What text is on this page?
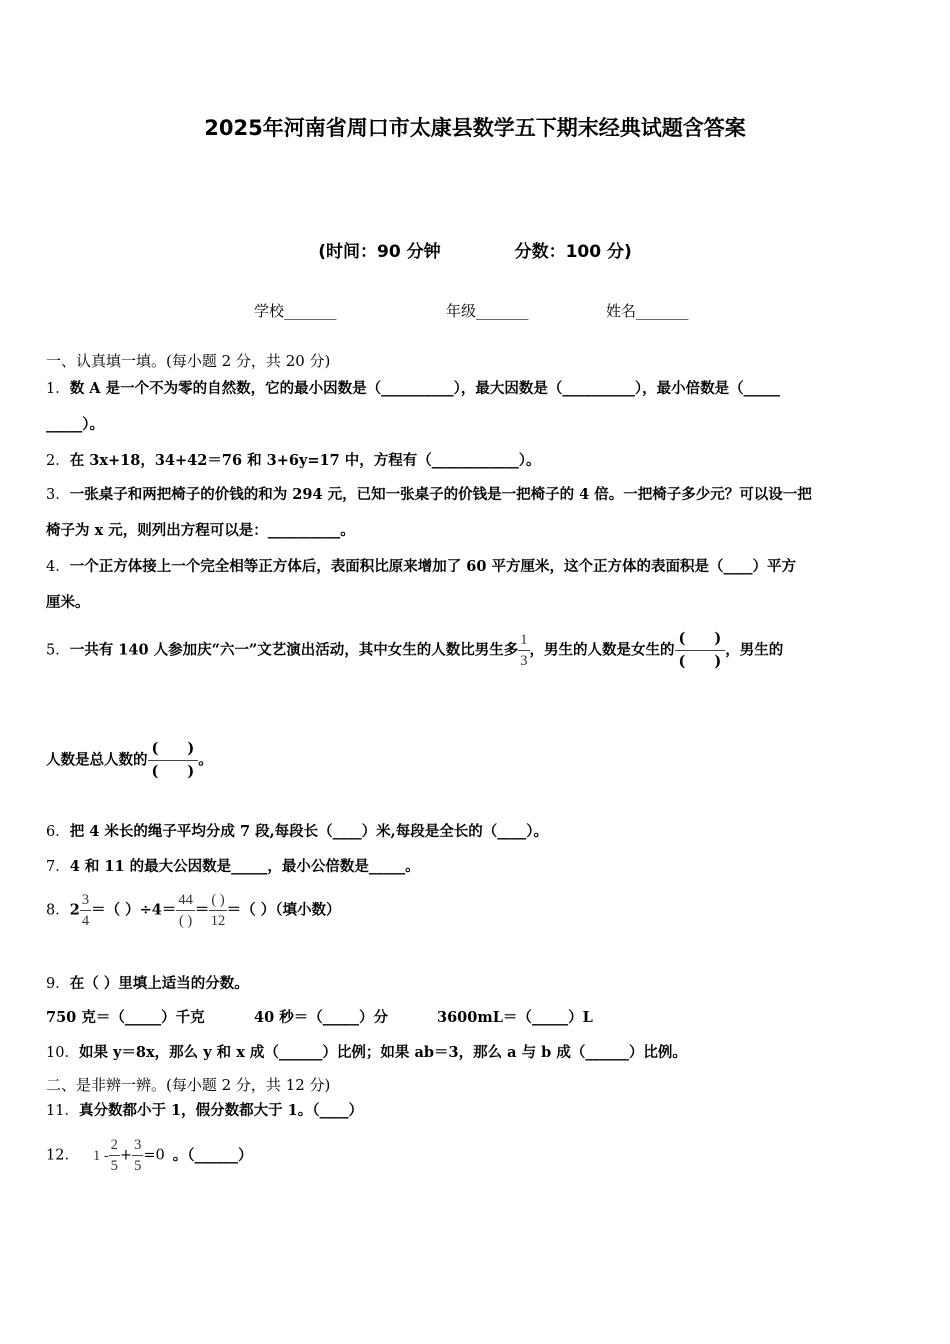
2025年河南省周口市太康县数学五下期末经典试题含答案
(时间：90 分钟	分数：100 分)
学校_______	年级_______	姓名_______
一、认真填一填。(每小题 2 分，共 20 分)
1．数 A 是一个不为零的自然数，它的最小因数是（__________），最大因数是（__________），最小倍数是（_____
_____）。
2．在 3x+18，34+42＝76 和 3+6y=17 中，方程有（____________）。
3．一张桌子和两把椅子的价钱的和为 294 元，已知一张桌子的价钱是一把椅子的 4 倍。一把椅子多少元？可以设一把
椅子为 x 元，则列出方程可以是：__________。
4．一个正方体接上一个完全相等正方体后，表面积比原来增加了 60 平方厘米，这个正方体的表面积是（____）平方
厘米。
5．一共有 140 人参加庆“六一”文艺演出活动，其中女生的人数比男生多 $\frac{1}{3}$ ，男生的人数是女生的
(　　)
(　　)
，男生的
人数是总人数的
(　　)
(　　)
。
6．把 4 米长的绳子平均分成 7 段,每段长（____）米,每段是全长的（____）。
7．4 和 11 的最大公因数是_____，最小公倍数是_____。
8．$2 \frac{3}{4}$ ＝（ ）$\div 4= \frac{44}{( )} = \frac{( )}{12}$ ＝（ ）（填小数）
9．在（ ）里填上适当的分数。
750 克＝（_____）千克	40 秒＝（_____）分	3600mL＝（_____）L
10．如果 y＝8x，那么 y 和 x 成（______）比例；如果 ab＝3，那么 a 与 b 成（______）比例。
二、是非辨一辨。(每小题 2 分，共 12 分)
11．真分数都小于 1，假分数都大于 1。（____）
12． $1 - \frac{2}{5} + \frac{3}{5} =0$ 。（______）
